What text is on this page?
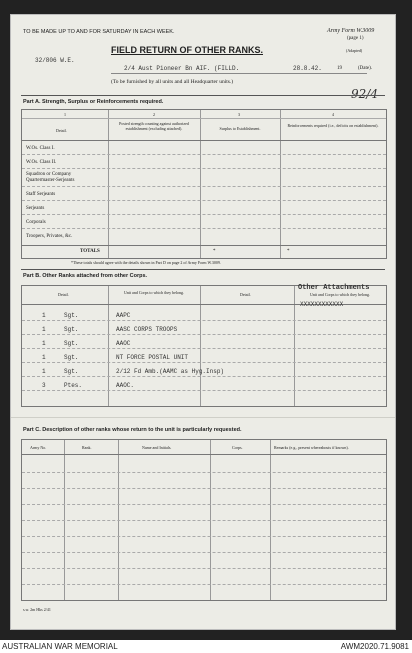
TO BE MADE UP TO AND FOR SATURDAY IN EACH WEEK.	Army Form W.3009
(page 1)
(Adapted)
FIELD RETURN OF OTHER RANKS.
32/806 W.E.
2/4 Aust Pioneer Bn AIF. (FILLD.	28.8.42.	19	(Date).
(To be furnished by all units and all Headquarter units.)
92/4
Part A. Strength, Surplus or Reinforcements required.
1	2	3	4
Detail.
Posted strength counting against authorized establishment (excluding attached).	Surplus to Establishment.
Reinforcements required (i.e., deficits on establishment).
W.Os. Class I.
W.Os. Class II.
Squadron or Company
Quartermaster-Serjeants
Staff Serjeants
Serjeants
Corporals
Troopers, Privates, &c.
TOTALS	*	*
*These totals should agree with the details shown in Part D on page 2 of Army Form W.3009.
Part B. Other Ranks attached from other Corps.
Detail.	Unit and Corps to which they belong.	Detail.	Unit and Corps to which they belong.
Other Attachments
XXXXXXXXXXXX
1	Sgt.	AAPC
1	Sgt.	AASC CORPS TROOPS
1	Sgt.	AAOC
1	Sgt.	NT FORCE POSTAL UNIT
1	Sgt.	2/12 Fd Amb.(AAMC as Hyg.Insp)
3	Ptes.	AAOC.
Part C. Description of other ranks whose return to the unit is particularly requested.
Army No.	Rank.	Name and Initials.	Corps.	Remarks (e.g., present whereabouts if known).
s.w. 2m Hks 2/41
AUSTRALIAN WAR MEMORIAL	AWM2020.71.9081
